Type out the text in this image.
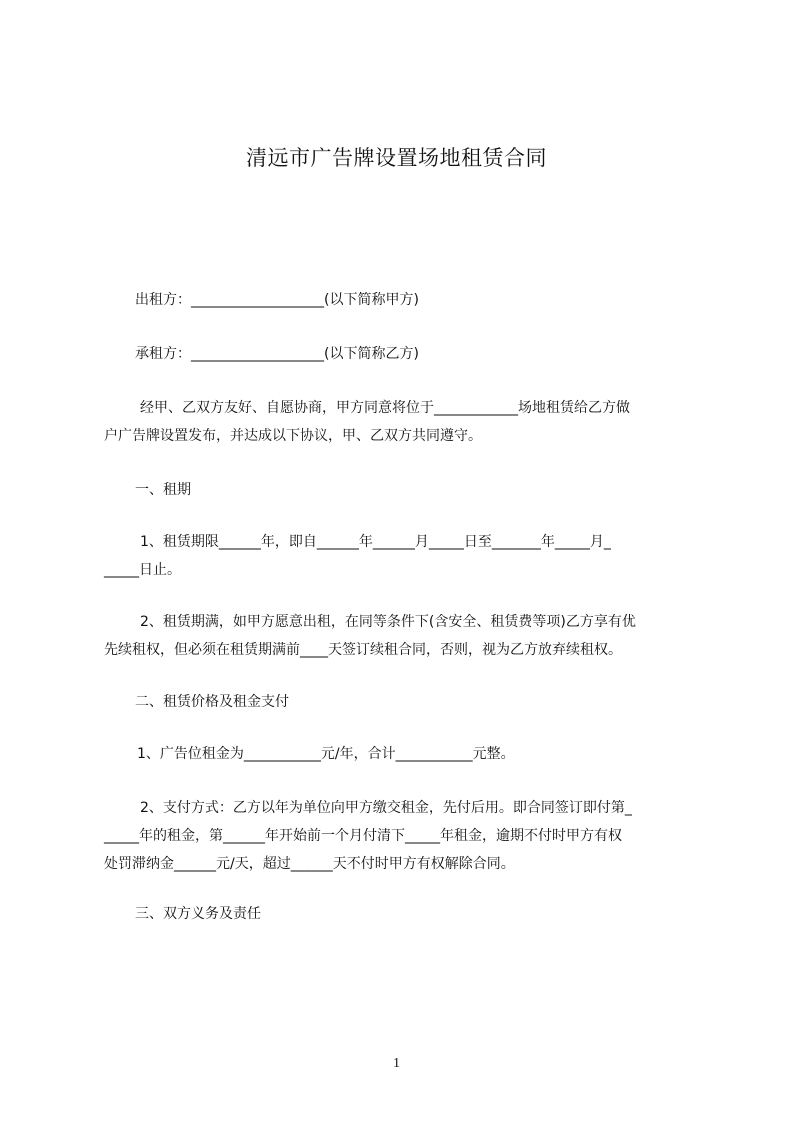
清远市广告牌设置场地租赁合同
出租方：___________________(以下简称甲方)
承租方：___________________(以下简称乙方)
经甲、乙双方友好、自愿协商，甲方同意将位于____________场地租赁给乙方做
户广告牌设置发布，并达成以下协议，甲、乙双方共同遵守。
一、租期
1、租赁期限______年，即自______年______月_____日至_______年_____月_
_____日止。
2、租赁期满，如甲方愿意出租，在同等条件下(含安全、租赁费等项)乙方享有优
先续租权，但必须在租赁期满前____天签订续租合同，否则，视为乙方放弃续租权。
二、租赁价格及租金支付
1、广告位租金为___________元/年，合计___________元整。
2、支付方式：乙方以年为单位向甲方缴交租金，先付后用。即合同签订即付第_
_____年的租金，第______年开始前一个月付清下_____年租金，逾期不付时甲方有权
处罚滞纳金______元/天，超过______天不付时甲方有权解除合同。
三、双方义务及责任
1
